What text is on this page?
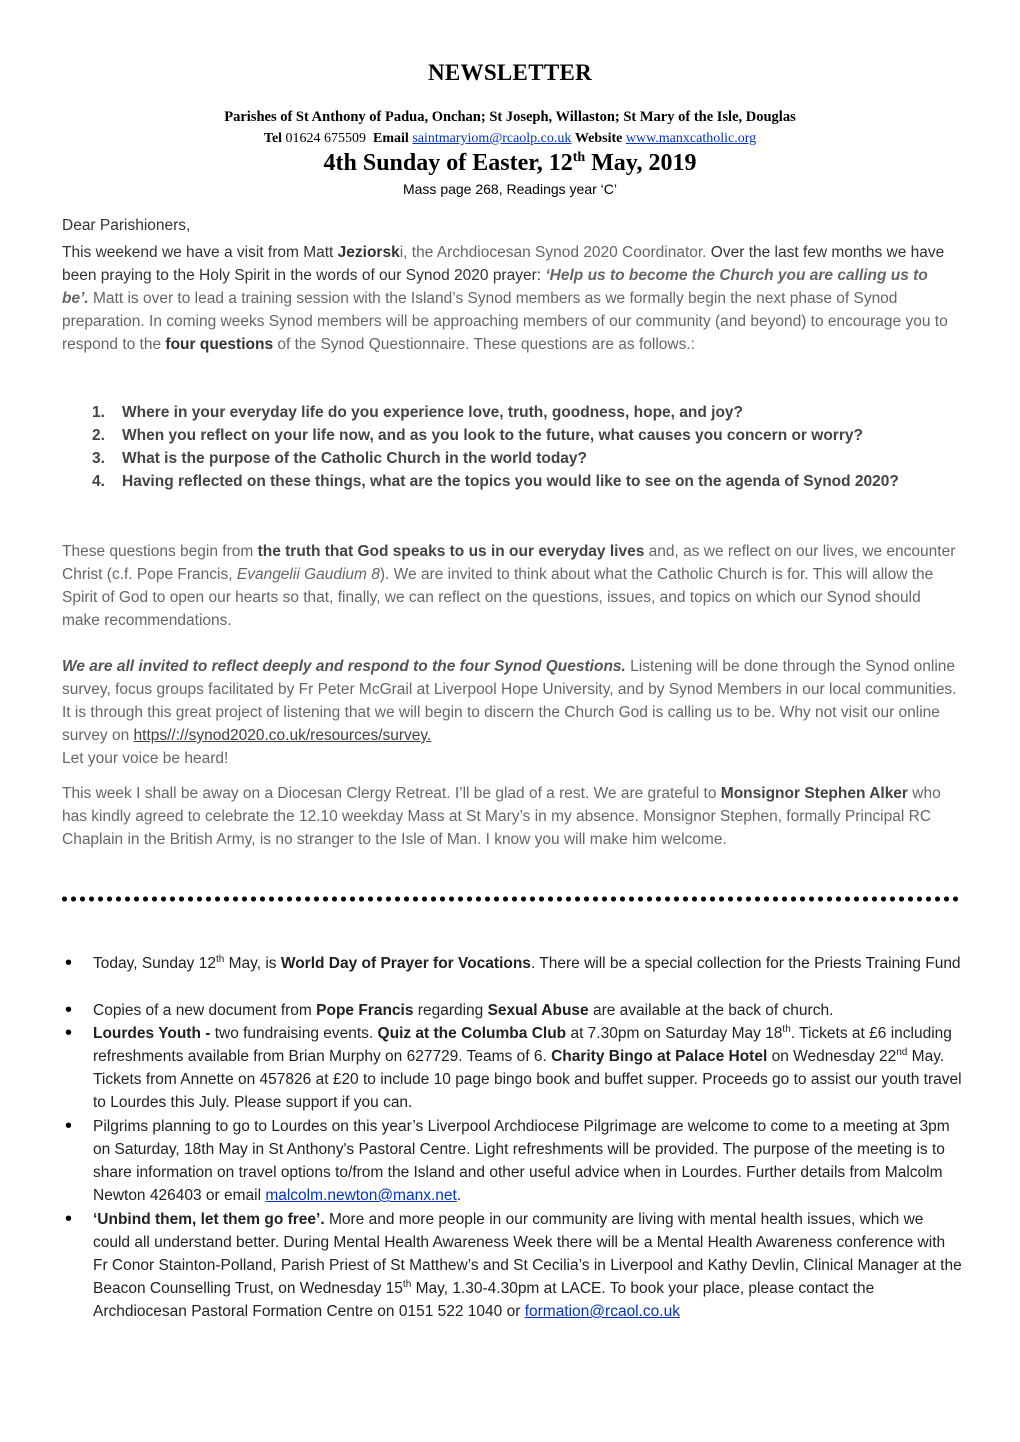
NEWSLETTER
Parishes of St Anthony of Padua, Onchan; St Joseph, Willaston; St Mary of the Isle, Douglas
Tel 01624 675509 Email saintmaryiom@rcaolp.co.uk Website www.manxcatholic.org
4th Sunday of Easter, 12th May, 2019
Mass page 268, Readings year ‘C’
Dear Parishioners,
This weekend we have a visit from Matt Jeziorski, the Archdiocesan Synod 2020 Coordinator. Over the last few months we have been praying to the Holy Spirit in the words of our Synod 2020 prayer: ‘Help us to become the Church you are calling us to be’. Matt is over to lead a training session with the Island’s Synod members as we formally begin the next phase of Synod preparation. In coming weeks Synod members will be approaching members of our community (and beyond) to encourage you to respond to the four questions of the Synod Questionnaire. These questions are as follows.:
1. Where in your everyday life do you experience love, truth, goodness, hope, and joy?
2. When you reflect on your life now, and as you look to the future, what causes you concern or worry?
3. What is the purpose of the Catholic Church in the world today?
4. Having reflected on these things, what are the topics you would like to see on the agenda of Synod 2020?
These questions begin from the truth that God speaks to us in our everyday lives and, as we reflect on our lives, we encounter Christ (c.f. Pope Francis, Evangelii Gaudium 8). We are invited to think about what the Catholic Church is for. This will allow the Spirit of God to open our hearts so that, finally, we can reflect on the questions, issues, and topics on which our Synod should make recommendations.
We are all invited to reflect deeply and respond to the four Synod Questions. Listening will be done through the Synod online survey, focus groups facilitated by Fr Peter McGrail at Liverpool Hope University, and by Synod Members in our local communities. It is through this great project of listening that we will begin to discern the Church God is calling us to be. Why not visit our online survey on https//://synod2020.co.uk/resources/survey.
Let your voice be heard!
This week I shall be away on a Diocesan Clergy Retreat. I’ll be glad of a rest. We are grateful to Monsignor Stephen Alker who has kindly agreed to celebrate the 12.10 weekday Mass at St Mary’s in my absence. Monsignor Stephen, formally Principal RC Chaplain in the British Army, is no stranger to the Isle of Man. I know you will make him welcome.
•
Today, Sunday 12th May, is World Day of Prayer for Vocations. There will be a special collection for the Priests Training Fund
•
Copies of a new document from Pope Francis regarding Sexual Abuse are available at the back of church.
•
Lourdes Youth - two fundraising events. Quiz at the Columba Club at 7.30pm on Saturday May 18th. Tickets at £6 including refreshments available from Brian Murphy on 627729. Teams of 6. Charity Bingo at Palace Hotel on Wednesday 22nd May. Tickets from Annette on 457826 at £20 to include 10 page bingo book and buffet supper. Proceeds go to assist our youth travel to Lourdes this July. Please support if you can.
•
Pilgrims planning to go to Lourdes on this year’s Liverpool Archdiocese Pilgrimage are welcome to come to a meeting at 3pm on Saturday, 18th May in St Anthony's Pastoral Centre. Light refreshments will be provided. The purpose of the meeting is to share information on travel options to/from the Island and other useful advice when in Lourdes. Further details from Malcolm Newton 426403 or email malcolm.newton@manx.net.
•
‘Unbind them, let them go free’. More and more people in our community are living with mental health issues, which we could all understand better. During Mental Health Awareness Week there will be a Mental Health Awareness conference with Fr Conor Stainton-Polland, Parish Priest of St Matthew’s and St Cecilia’s in Liverpool and Kathy Devlin, Clinical Manager at the Beacon Counselling Trust, on Wednesday 15th May, 1.30-4.30pm at LACE. To book your place, please contact the Archdiocesan Pastoral Formation Centre on 0151 522 1040 or formation@rcaol.co.uk
